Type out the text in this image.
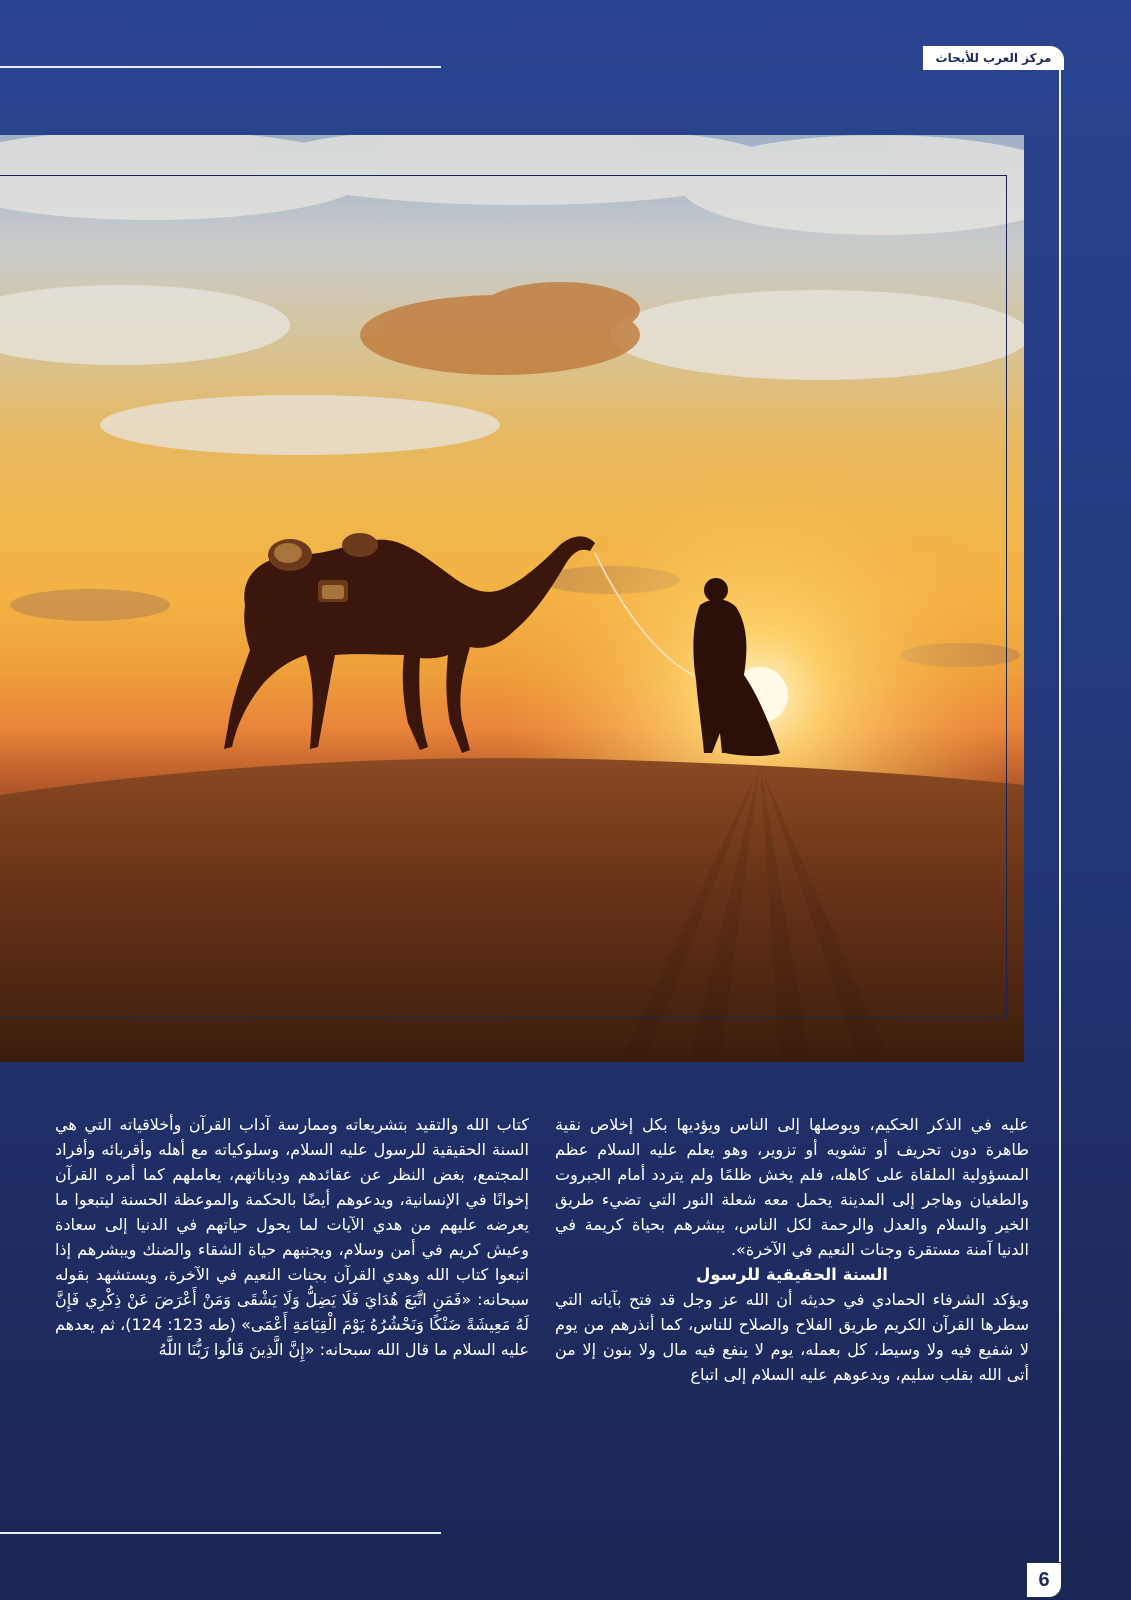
مركز العرب للأبحاث

عليه في الذكر الحكيم، ويوصلها إلى الناس ويؤديها بكل إخلاص نقية طاهرة دون تحريف أو تشويه أو تزوير، وهو يعلم عليه السلام عظم المسؤولية الملقاة على كاهله، فلم يخش ظلمًا ولم يتردد أمام الجبروت والطغيان وهاجر إلى المدينة يحمل معه شعلة النور التي تضيء طريق الخير والسلام والعدل والرحمة لكل الناس، يبشرهم بحياة كريمة في الدنيا آمنة مستقرة وجنات النعيم في الآخرة».

السنة الحقيقية للرسول

ويؤكد الشرفاء الحمادي في حديثه أن الله عز وجل قد فتح بآياته التي سطرها القرآن الكريم طريق الفلاح والصلاح للناس، كما أنذرهم من يوم لا شفيع فيه ولا وسيط، كل بعمله، يوم لا ينفع فيه مال ولا بنون إلا من أتى الله بقلب سليم، ويدعوهم عليه السلام إلى اتباع

كتاب الله والتقيد بتشريعاته وممارسة آداب القرآن وأخلاقياته التي هي السنة الحقيقية للرسول عليه السلام، وسلوكياته مع أهله وأقربائه وأفراد المجتمع، بغض النظر عن عقائدهم ودياناتهم، يعاملهم كما أمره القرآن إخوانًا في الإنسانية، ويدعوهم أيضًا بالحكمة والموعظة الحسنة ليتبعوا ما يعرضه عليهم من هدي الآيات لما يحول حياتهم في الدنيا إلى سعادة وعيش كريم في أمن وسلام، ويجنبهم حياة الشقاء والضنك ويبشرهم إذا اتبعوا كتاب الله وهدي القرآن بجنات النعيم في الآخرة، ويستشهد بقوله سبحانه: «فَمَنِ اتَّبَعَ هُدَايَ فَلَا يَضِلُّ وَلَا يَشْقَى وَمَنْ أَعْرَضَ عَنْ ذِكْرِي فَإِنَّ لَهُ مَعِيشَةً ضَنْكًا وَنَحْشُرُهُ يَوْمَ الْقِيَامَةِ أَعْمَى» (طه 123: 124)، ثم يعدهم عليه السلام ما قال الله سبحانه: «إِنَّ الَّذِينَ قَالُوا رَبُّنَا اللَّهُ

6
